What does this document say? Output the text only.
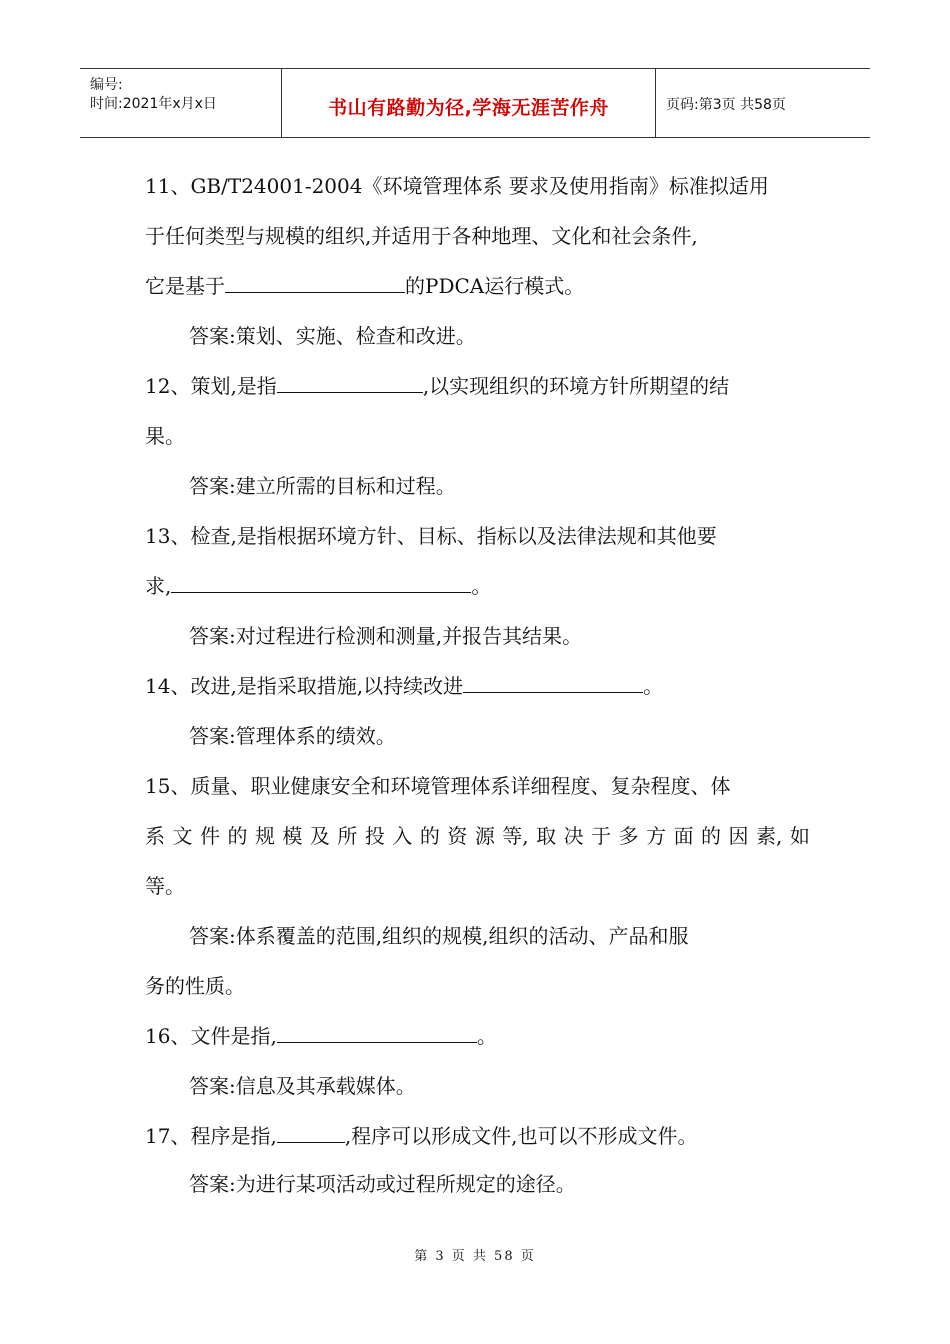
编号:
时间:2021年x月x日	书山有路勤为径,学海无涯苦作舟	页码:第3页 共58页
11、GB/T24001-2004《环境管理体系 要求及使用指南》标准拟适用
于任何类型与规模的组织,并适用于各种地理、文化和社会条件,
它是基于	的PDCA运行模式。
答案:策划、实施、检查和改进。
12、策划,是指	,以实现组织的环境方针所期望的结
果。
答案:建立所需的目标和过程。
13、检查,是指根据环境方针、目标、指标以及法律法规和其他要
求,	。
答案:对过程进行检测和测量,并报告其结果。
14、改进,是指采取措施,以持续改进	。
答案:管理体系的绩效。
15、质量、职业健康安全和环境管理体系详细程度、复杂程度、体
系 文 件 的 规 模 及 所 投 入 的 资 源 等, 取 决 于 多 方 面 的 因 素, 如
等。
答案:体系覆盖的范围,组织的规模,组织的活动、产品和服
务的性质。
16、文件是指,	。
答案:信息及其承载媒体。
17、程序是指,	,程序可以形成文件,也可以不形成文件。
答案:为进行某项活动或过程所规定的途径。
第 3 页 共 58 页
